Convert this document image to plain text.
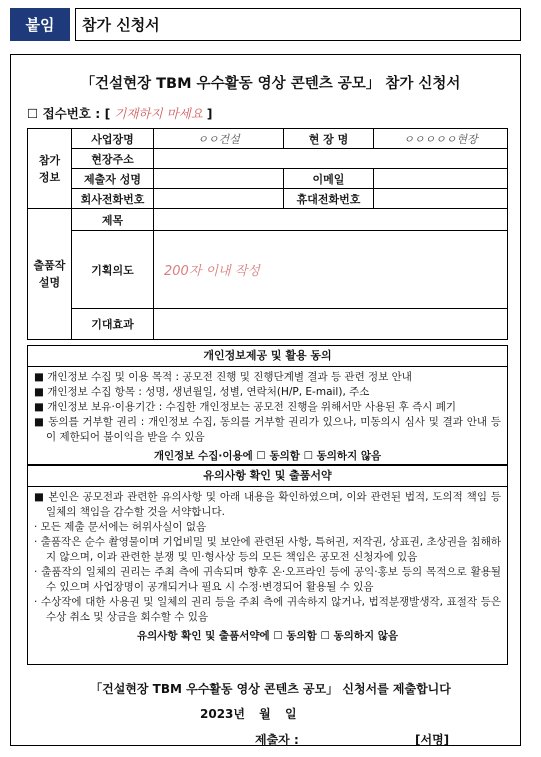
붙임	참가 신청서
「건설현장 TBM 우수활동 영상 콘텐츠 공모」 참가 신청서
☐ 접수번호 : [ 기재하지 마세요 ]
참가
정보	사업장명	ㅇㅇ건설	현 장 명	ㅇㅇㅇㅇㅇ현장
	현장주소			
	제출자 성명		이메일	
	회사전화번호		휴대전화번호	
출품작
설명	제목			
	기획의도	200자 이내 작성		
	기대효과			
개인정보제공 및 활용 동의

■ 개인정보 수집 및 이용 목적 : 공모전 진행 및 진행단계별 결과 등 관련 정보 안내

■ 개인정보 수집 항목 : 성명, 생년월일, 성별, 연락처(H/P, E-mail), 주소

■ 개인정보 보유·이용기간 : 수집한 개인정보는 공모전 진행을 위해서만 사용된 후 즉시 폐기

■ 동의를 거부할 권리 : 개인정보 수집, 동의를 거부할 권리가 있으나, 미동의시 심사 및 결과 안내 등이 제한되어 불이익을 받을 수 있음

개인정보 수집·이용에 ☐ 동의함 ☐ 동의하지 않음
유의사항 확인 및 출품서약

■ 본인은 공모전과 관련한 유의사항 및 아래 내용을 확인하였으며, 이와 관련된 법적, 도의적 책임 등 일체의 책임을 감수할 것을 서약합니다.

· 모든 제출 문서에는 허위사실이 없음

· 출품작은 순수 촬영물이며 기업비밀 및 보안에 관련된 사항, 특허권, 저작권, 상표권, 초상권을 침해하지 않으며, 이과 관련한 분쟁 및 민·형사상 등의 모든 책임은 공모전 신청자에 있음

· 출품작의 일체의 권리는 주최 측에 귀속되며 향후 온·오프라인 등에 공익·홍보 등의 목적으로 활용될 수 있으며 사업장명이 공개되거나 필요 시 수정·변경되어 활용될 수 있음

· 수상작에 대한 사용권 및 일체의 권리 등을 주최 측에 귀속하지 않거나, 법적분쟁발생작, 표절작 등은 수상 취소 및 상금을 회수할 수 있음

유의사항 확인 및 출품서약에 ☐ 동의함 ☐ 동의하지 않음
「건설현장 TBM 우수활동 영상 콘텐츠 공모」 신청서를 제출합니다
2023년 월 일
제출자 :	[서명]
